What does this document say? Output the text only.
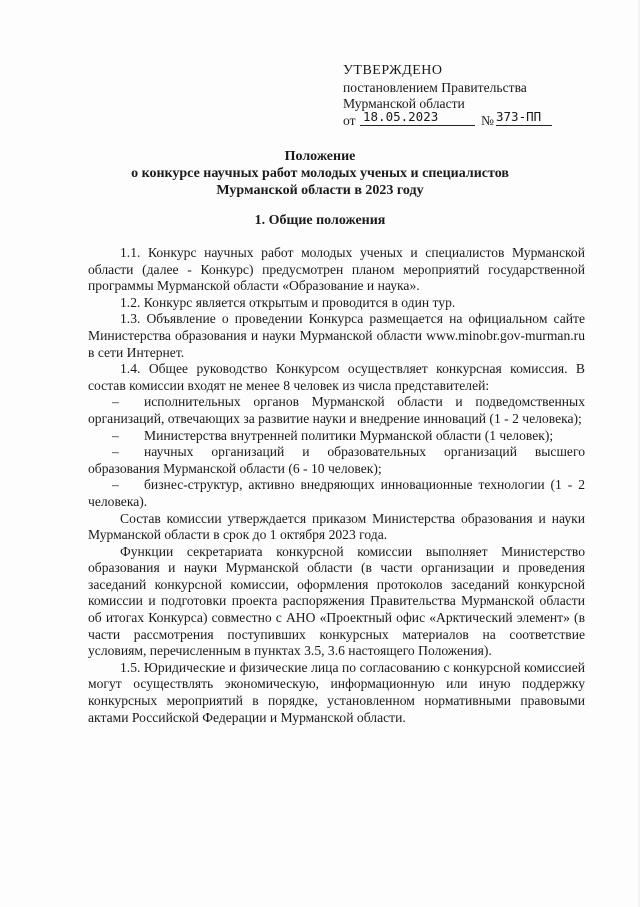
УТВЕРЖДЕНО
постановлением Правительства
Мурманской области
от 18.05.2023	№ 373-ПП
Положение
о конкурсе научных работ молодых ученых и специалистов
Мурманской области в 2023 году
1. Общие положения

1.1. Конкурс научных работ молодых ученых и специалистов Мурманской области (далее - Конкурс) предусмотрен планом мероприятий государственной программы Мурманской области «Образование и наука».

1.2. Конкурс является открытым и проводится в один тур.

1.3. Объявление о проведении Конкурса размещается на официальном сайте Министерства образования и науки Мурманской области www.minobr.gov-murman.ru в сети Интернет.

1.4. Общее руководство Конкурсом осуществляет конкурсная комиссия. В состав комиссии входят не менее 8 человек из числа представителей:

– исполнительных органов Мурманской области и подведомственных организаций, отвечающих за развитие науки и внедрение инноваций (1 - 2 человека);

– Министерства внутренней политики Мурманской области (1 человек);

– научных организаций и образовательных организаций высшего образования Мурманской области (6 - 10 человек);

– бизнес-структур, активно внедряющих инновационные технологии (1 - 2 человека).

Состав комиссии утверждается приказом Министерства образования и науки Мурманской области в срок до 1 октября 2023 года.

Функции секретариата конкурсной комиссии выполняет Министерство образования и науки Мурманской области (в части организации и проведения заседаний конкурсной комиссии, оформления протоколов заседаний конкурсной комиссии и подготовки проекта распоряжения Правительства Мурманской области об итогах Конкурса) совместно с АНО «Проектный офис «Арктический элемент» (в части рассмотрения поступивших конкурсных материалов на соответствие условиям, перечисленным в пунктах 3.5, 3.6 настоящего Положения).

1.5. Юридические и физические лица по согласованию с конкурсной комиссией могут осуществлять экономическую, информационную или иную поддержку конкурсных мероприятий в порядке, установленном нормативными правовыми актами Российской Федерации и Мурманской области.
